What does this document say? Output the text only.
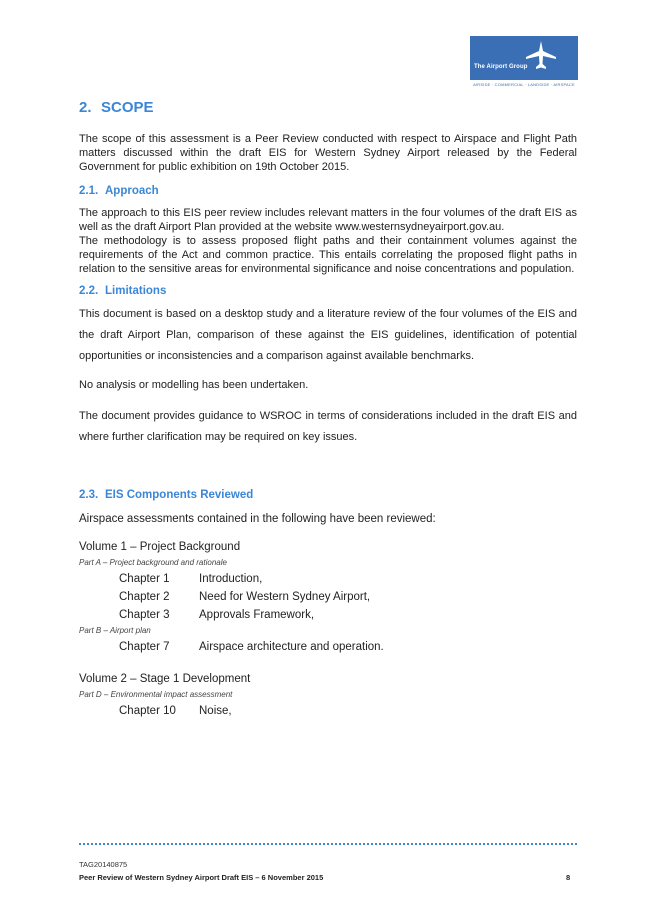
The Airport Group
AIRSIDE · COMMERCIAL · LANDSIDE · AIRSPACE
2. SCOPE

The scope of this assessment is a Peer Review conducted with respect to Airspace and Flight Path matters discussed within the draft EIS for Western Sydney Airport released by the Federal Government for public exhibition on 19th October 2015.

2.1. Approach

The approach to this EIS peer review includes relevant matters in the four volumes of the draft EIS as well as the draft Airport Plan provided at the website www.westernsydneyairport.gov.au.

The methodology is to assess proposed flight paths and their containment volumes against the requirements of the Act and common practice. This entails correlating the proposed flight paths in relation to the sensitive areas for environmental significance and noise concentrations and population.

2.2. Limitations

This document is based on a desktop study and a literature review of the four volumes of the EIS and the draft Airport Plan, comparison of these against the EIS guidelines, identification of potential opportunities or inconsistencies and a comparison against available benchmarks.

No analysis or modelling has been undertaken.

The document provides guidance to WSROC in terms of considerations included in the draft EIS and where further clarification may be required on key issues.

2.3. EIS Components Reviewed

Airspace assessments contained in the following have been reviewed:

Volume 1 – Project Background
Part A – Project background and rationale
Chapter 1	Introduction,
Chapter 2	Need for Western Sydney Airport,
Chapter 3	Approvals Framework,
Part B – Airport plan
Chapter 7	Airspace architecture and operation.
Volume 2 – Stage 1 Development
Part D – Environmental impact assessment
Chapter 10	Noise,
TAG20140875
Peer Review of Western Sydney Airport Draft EIS – 6 November 2015	8
